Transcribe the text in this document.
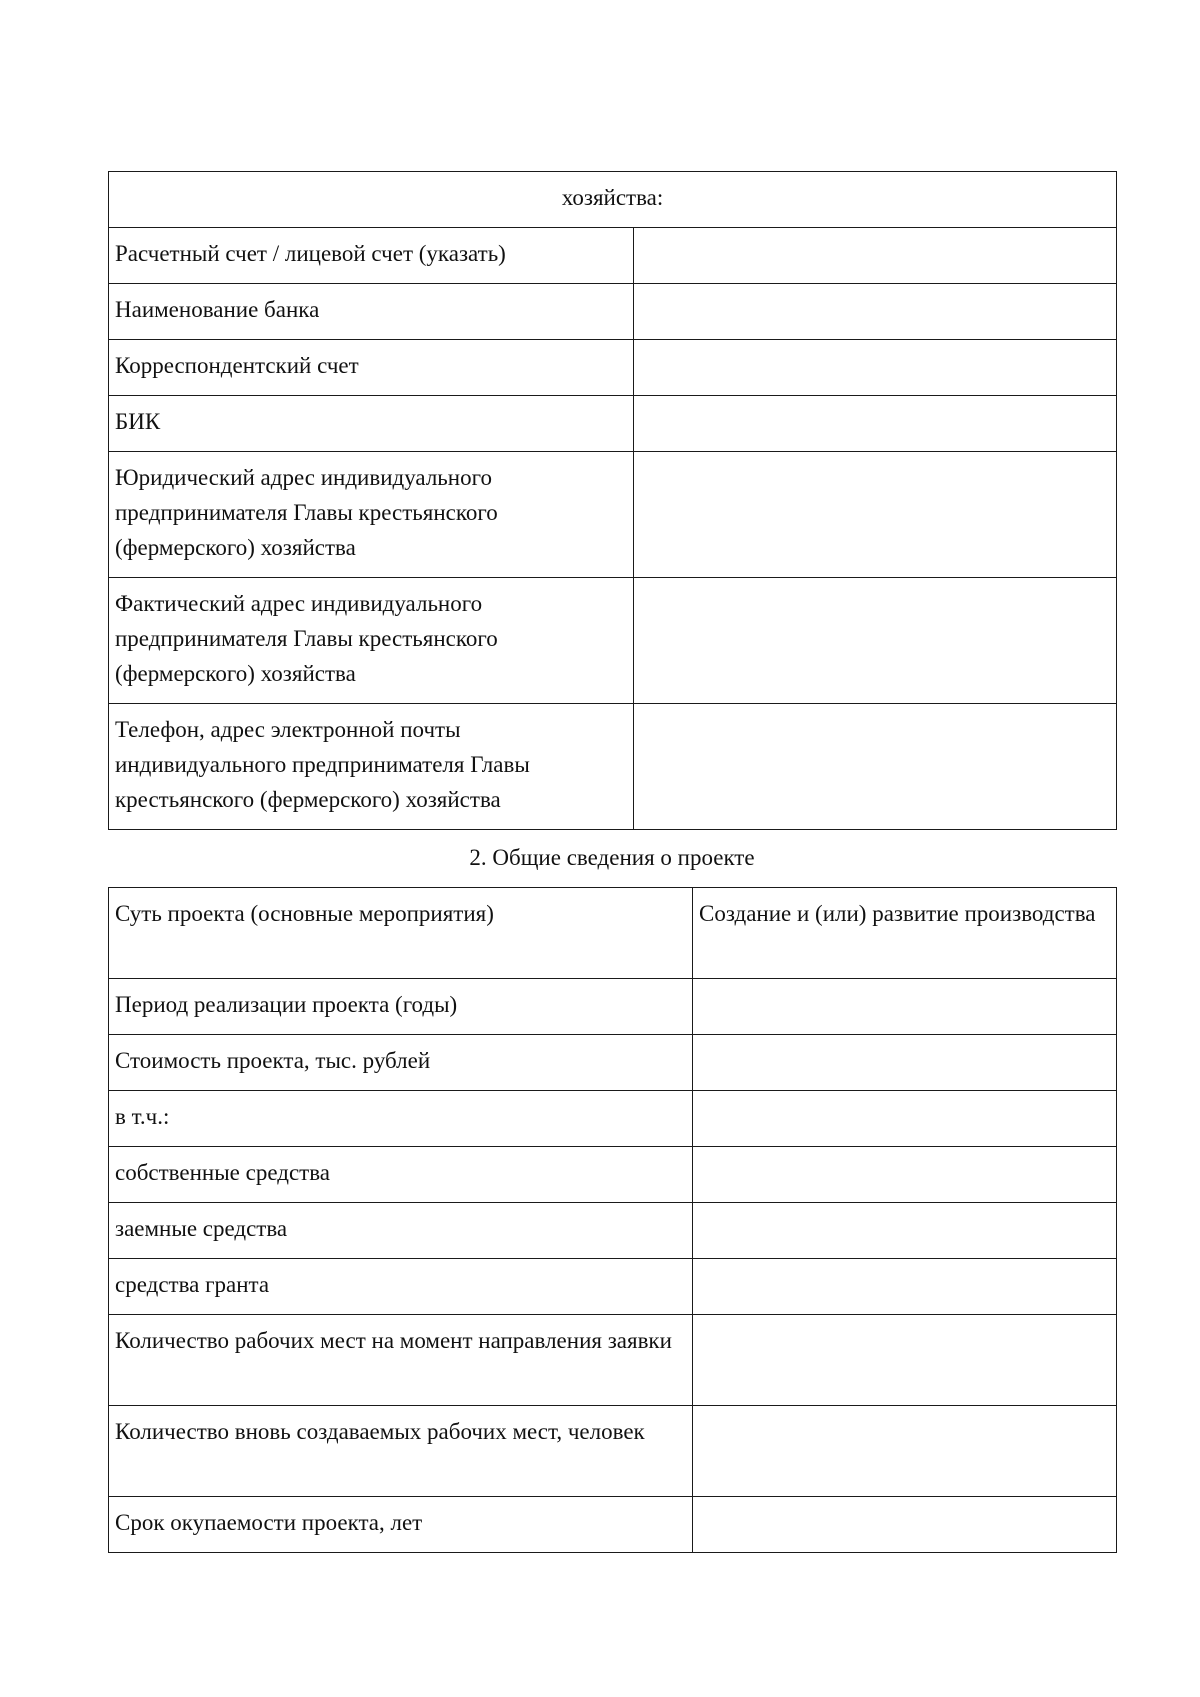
хозяйства:	
Расчетный счет / лицевой счет (указать)	
Наименование банка	
Корреспондентский счет	
БИК	
Юридический адрес индивидуального предпринимателя Главы крестьянского (фермерского) хозяйства	
Фактический адрес индивидуального предпринимателя Главы крестьянского (фермерского) хозяйства	
Телефон, адрес электронной почты индивидуального предпринимателя Главы крестьянского (фермерского) хозяйства	
2. Общие сведения о проекте
Суть проекта (основные мероприятия)	Создание и (или) развитие производства
Период реализации проекта (годы)	
Стоимость проекта, тыс. рублей	
в т.ч.:	
собственные средства	
заемные средства	
средства гранта	
Количество рабочих мест на момент направления заявки	
Количество вновь создаваемых рабочих мест, человек	
Срок окупаемости проекта, лет	
